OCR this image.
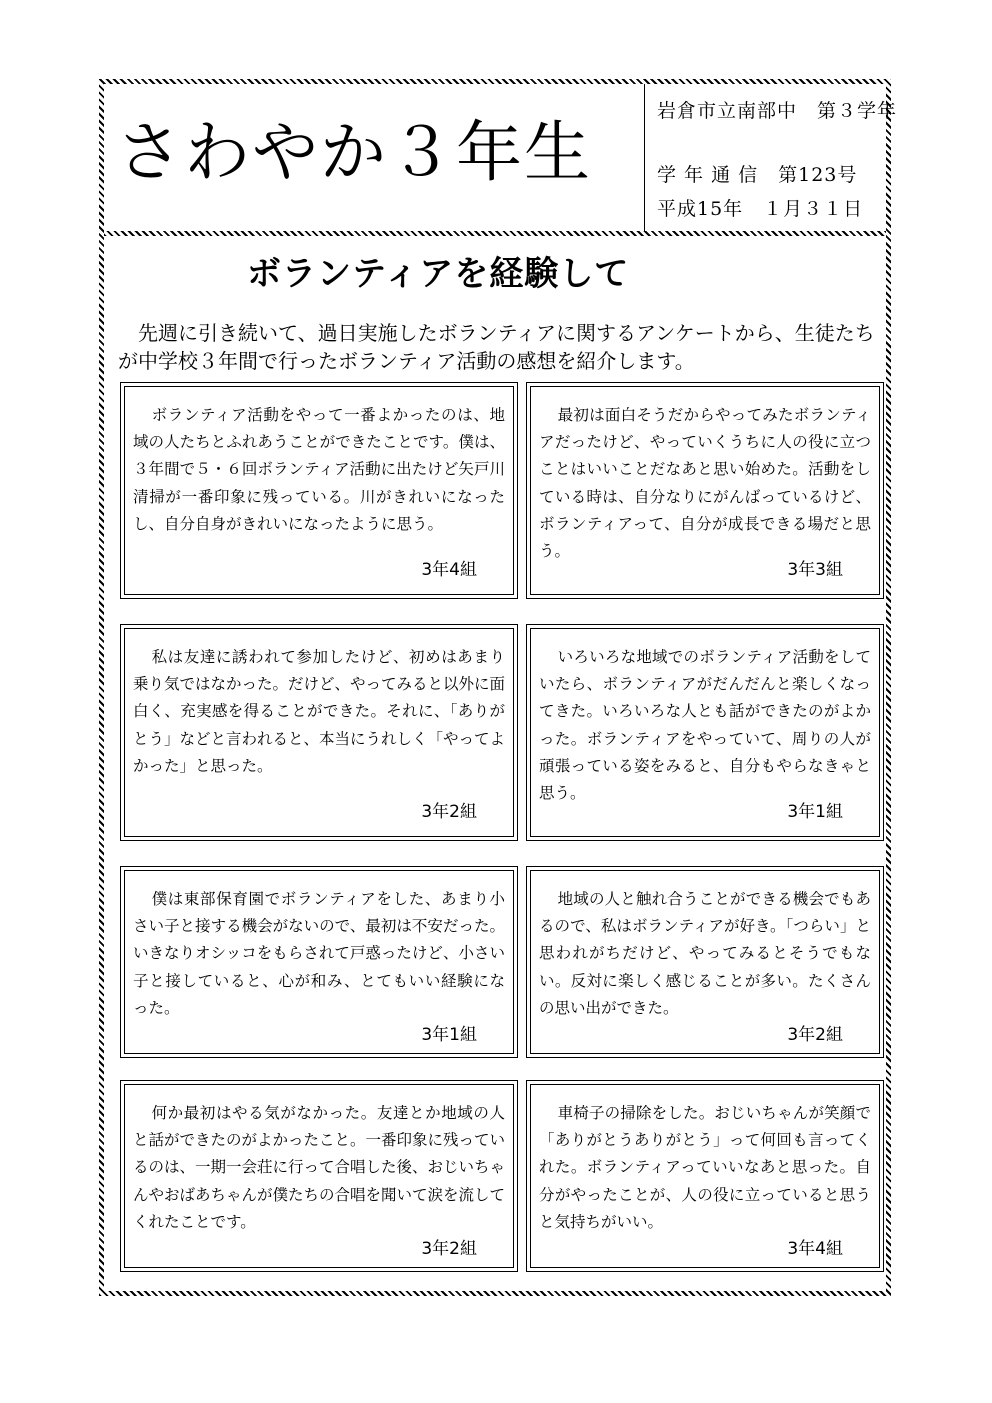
さわやか３年生
岩倉市立南部中　第３学年
学 年 通 信　第123号
平成15年　１月３１日
ボランティアを経験して
先週に引き続いて、過日実施したボランティアに関するアンケートから、生徒たちが中学校３年間で行ったボランティア活動の感想を紹介します。
ボランティア活動をやって一番よかったのは、地域の人たちとふれあうことができたことです。僕は、３年間で５・６回ボランティア活動に出たけど矢戸川清掃が一番印象に残っている。川がきれいになったし、自分自身がきれいになったように思う。
3年4組
最初は面白そうだからやってみたボランティアだったけど、やっていくうちに人の役に立つことはいいことだなあと思い始めた。活動をしている時は、自分なりにがんばっているけど、ボランティアって、自分が成長できる場だと思う。
3年3組
私は友達に誘われて参加したけど、初めはあまり乗り気ではなかった。だけど、やってみると以外に面白く、充実感を得ることができた。それに、「ありがとう」などと言われると、本当にうれしく「やってよかった」と思った。
3年2組
いろいろな地域でのボランティア活動をしていたら、ボランティアがだんだんと楽しくなってきた。いろいろな人とも話ができたのがよかった。ボランティアをやっていて、周りの人が頑張っている姿をみると、自分もやらなきゃと思う。
3年1組
僕は東部保育園でボランティアをした、あまり小さい子と接する機会がないので、最初は不安だった。いきなりオシッコをもらされて戸惑ったけど、小さい子と接していると、心が和み、とてもいい経験になった。
3年1組
地域の人と触れ合うことができる機会でもあるので、私はボランティアが好き。「つらい」と思われがちだけど、やってみるとそうでもない。反対に楽しく感じることが多い。たくさんの思い出ができた。
3年2組
何か最初はやる気がなかった。友達とか地域の人と話ができたのがよかったこと。一番印象に残っているのは、一期一会荘に行って合唱した後、おじいちゃんやおばあちゃんが僕たちの合唱を聞いて涙を流してくれたことです。
3年2組
車椅子の掃除をした。おじいちゃんが笑顔で「ありがとうありがとう」って何回も言ってくれた。ボランティアっていいなあと思った。自分がやったことが、人の役に立っていると思うと気持ちがいい。
3年4組
